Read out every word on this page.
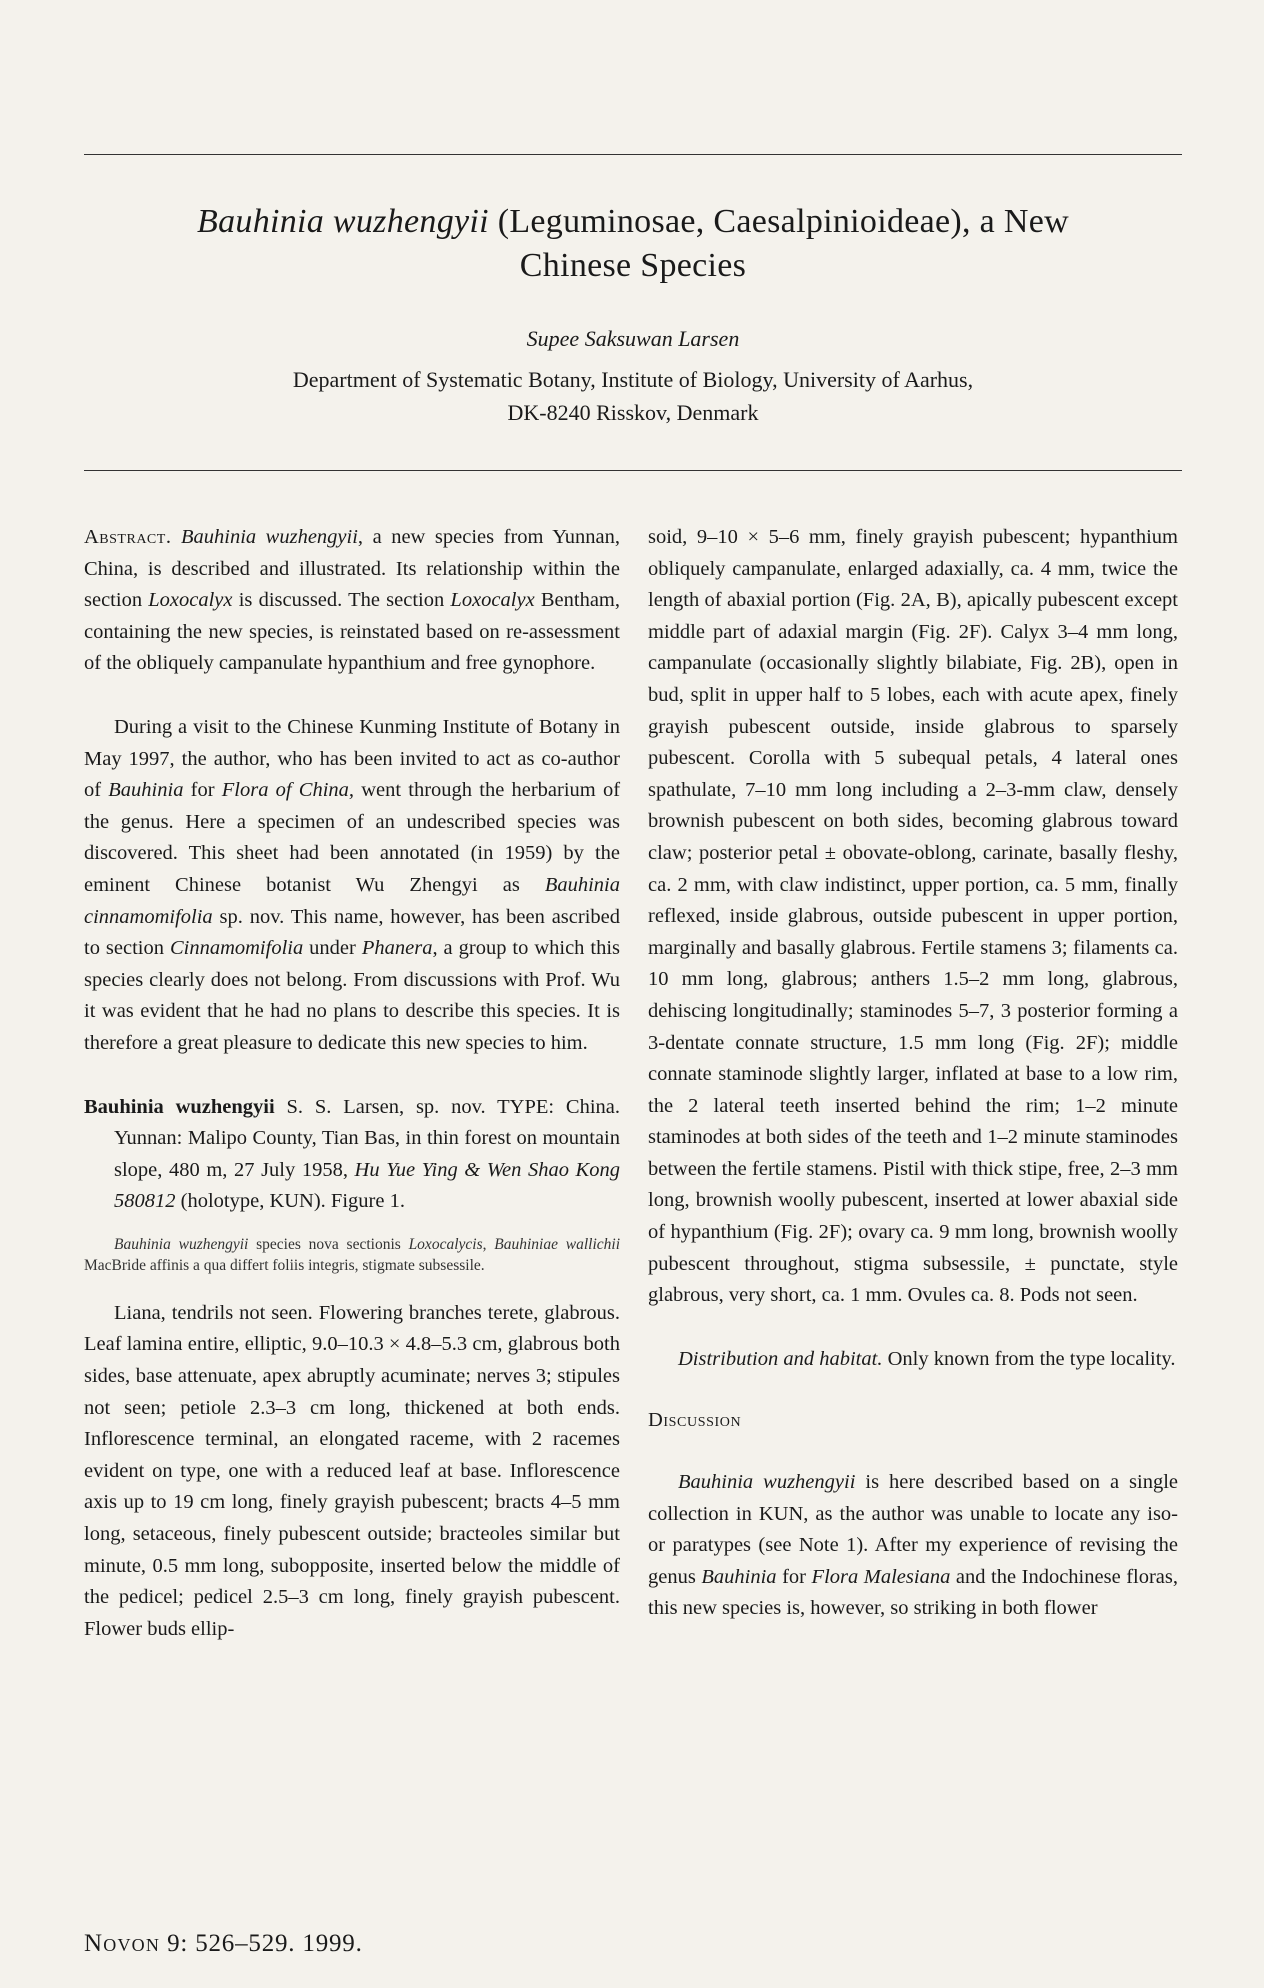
Bauhinia wuzhengyii (Leguminosae, Caesalpinioideae), a New
Chinese Species
Supee Saksuwan Larsen
Department of Systematic Botany, Institute of Biology, University of Aarhus,
DK-8240 Risskov, Denmark

Abstract. Bauhinia wuzhengyii, a new species from Yunnan, China, is described and illustrated. Its relationship within the section Loxocalyx is discussed. The section Loxocalyx Bentham, containing the new species, is reinstated based on re-assessment of the obliquely campanulate hypanthium and free gynophore.

During a visit to the Chinese Kunming Institute of Botany in May 1997, the author, who has been invited to act as co-author of Bauhinia for Flora of China, went through the herbarium of the genus. Here a specimen of an undescribed species was discovered. This sheet had been annotated (in 1959) by the eminent Chinese botanist Wu Zhengyi as Bauhinia cinnamomifolia sp. nov. This name, however, has been ascribed to section Cinnamomifolia under Phanera, a group to which this species clearly does not belong. From discussions with Prof. Wu it was evident that he had no plans to describe this species. It is therefore a great pleasure to dedicate this new species to him.

Bauhinia wuzhengyii S. S. Larsen, sp. nov. TYPE: China. Yunnan: Malipo County, Tian Bas, in thin forest on mountain slope, 480 m, 27 July 1958, Hu Yue Ying & Wen Shao Kong 580812 (holotype, KUN). Figure 1.

Bauhinia wuzhengyii species nova sectionis Loxocalycis, Bauhiniae wallichii MacBride affinis a qua differt foliis integris, stigmate subsessile.

Liana, tendrils not seen. Flowering branches terete, glabrous. Leaf lamina entire, elliptic, 9.0–10.3 × 4.8–5.3 cm, glabrous both sides, base attenuate, apex abruptly acuminate; nerves 3; stipules not seen; petiole 2.3–3 cm long, thickened at both ends. Inflorescence terminal, an elongated raceme, with 2 racemes evident on type, one with a reduced leaf at base. Inflorescence axis up to 19 cm long, finely grayish pubescent; bracts 4–5 mm long, setaceous, finely pubescent outside; bracteoles similar but minute, 0.5 mm long, subopposite, inserted below the middle of the pedicel; pedicel 2.5–3 cm long, finely grayish pubescent. Flower buds ellip-

soid, 9–10 × 5–6 mm, finely grayish pubescent; hypanthium obliquely campanulate, enlarged adaxially, ca. 4 mm, twice the length of abaxial portion (Fig. 2A, B), apically pubescent except middle part of adaxial margin (Fig. 2F). Calyx 3–4 mm long, campanulate (occasionally slightly bilabiate, Fig. 2B), open in bud, split in upper half to 5 lobes, each with acute apex, finely grayish pubescent outside, inside glabrous to sparsely pubescent. Corolla with 5 subequal petals, 4 lateral ones spathulate, 7–10 mm long including a 2–3-mm claw, densely brownish pubescent on both sides, becoming glabrous toward claw; posterior petal ± obovate-oblong, carinate, basally fleshy, ca. 2 mm, with claw indistinct, upper portion, ca. 5 mm, finally reflexed, inside glabrous, outside pubescent in upper portion, marginally and basally glabrous. Fertile stamens 3; filaments ca. 10 mm long, glabrous; anthers 1.5–2 mm long, glabrous, dehiscing longitudinally; staminodes 5–7, 3 posterior forming a 3-dentate connate structure, 1.5 mm long (Fig. 2F); middle connate staminode slightly larger, inflated at base to a low rim, the 2 lateral teeth inserted behind the rim; 1–2 minute staminodes at both sides of the teeth and 1–2 minute staminodes between the fertile stamens. Pistil with thick stipe, free, 2–3 mm long, brownish woolly pubescent, inserted at lower abaxial side of hypanthium (Fig. 2F); ovary ca. 9 mm long, brownish woolly pubescent throughout, stigma subsessile, ± punctate, style glabrous, very short, ca. 1 mm. Ovules ca. 8. Pods not seen.

Distribution and habitat. Only known from the type locality.

Discussion

Bauhinia wuzhengyii is here described based on a single collection in KUN, as the author was unable to locate any iso- or paratypes (see Note 1). After my experience of revising the genus Bauhinia for Flora Malesiana and the Indochinese floras, this new species is, however, so striking in both flower

Novon 9: 526–529. 1999.
